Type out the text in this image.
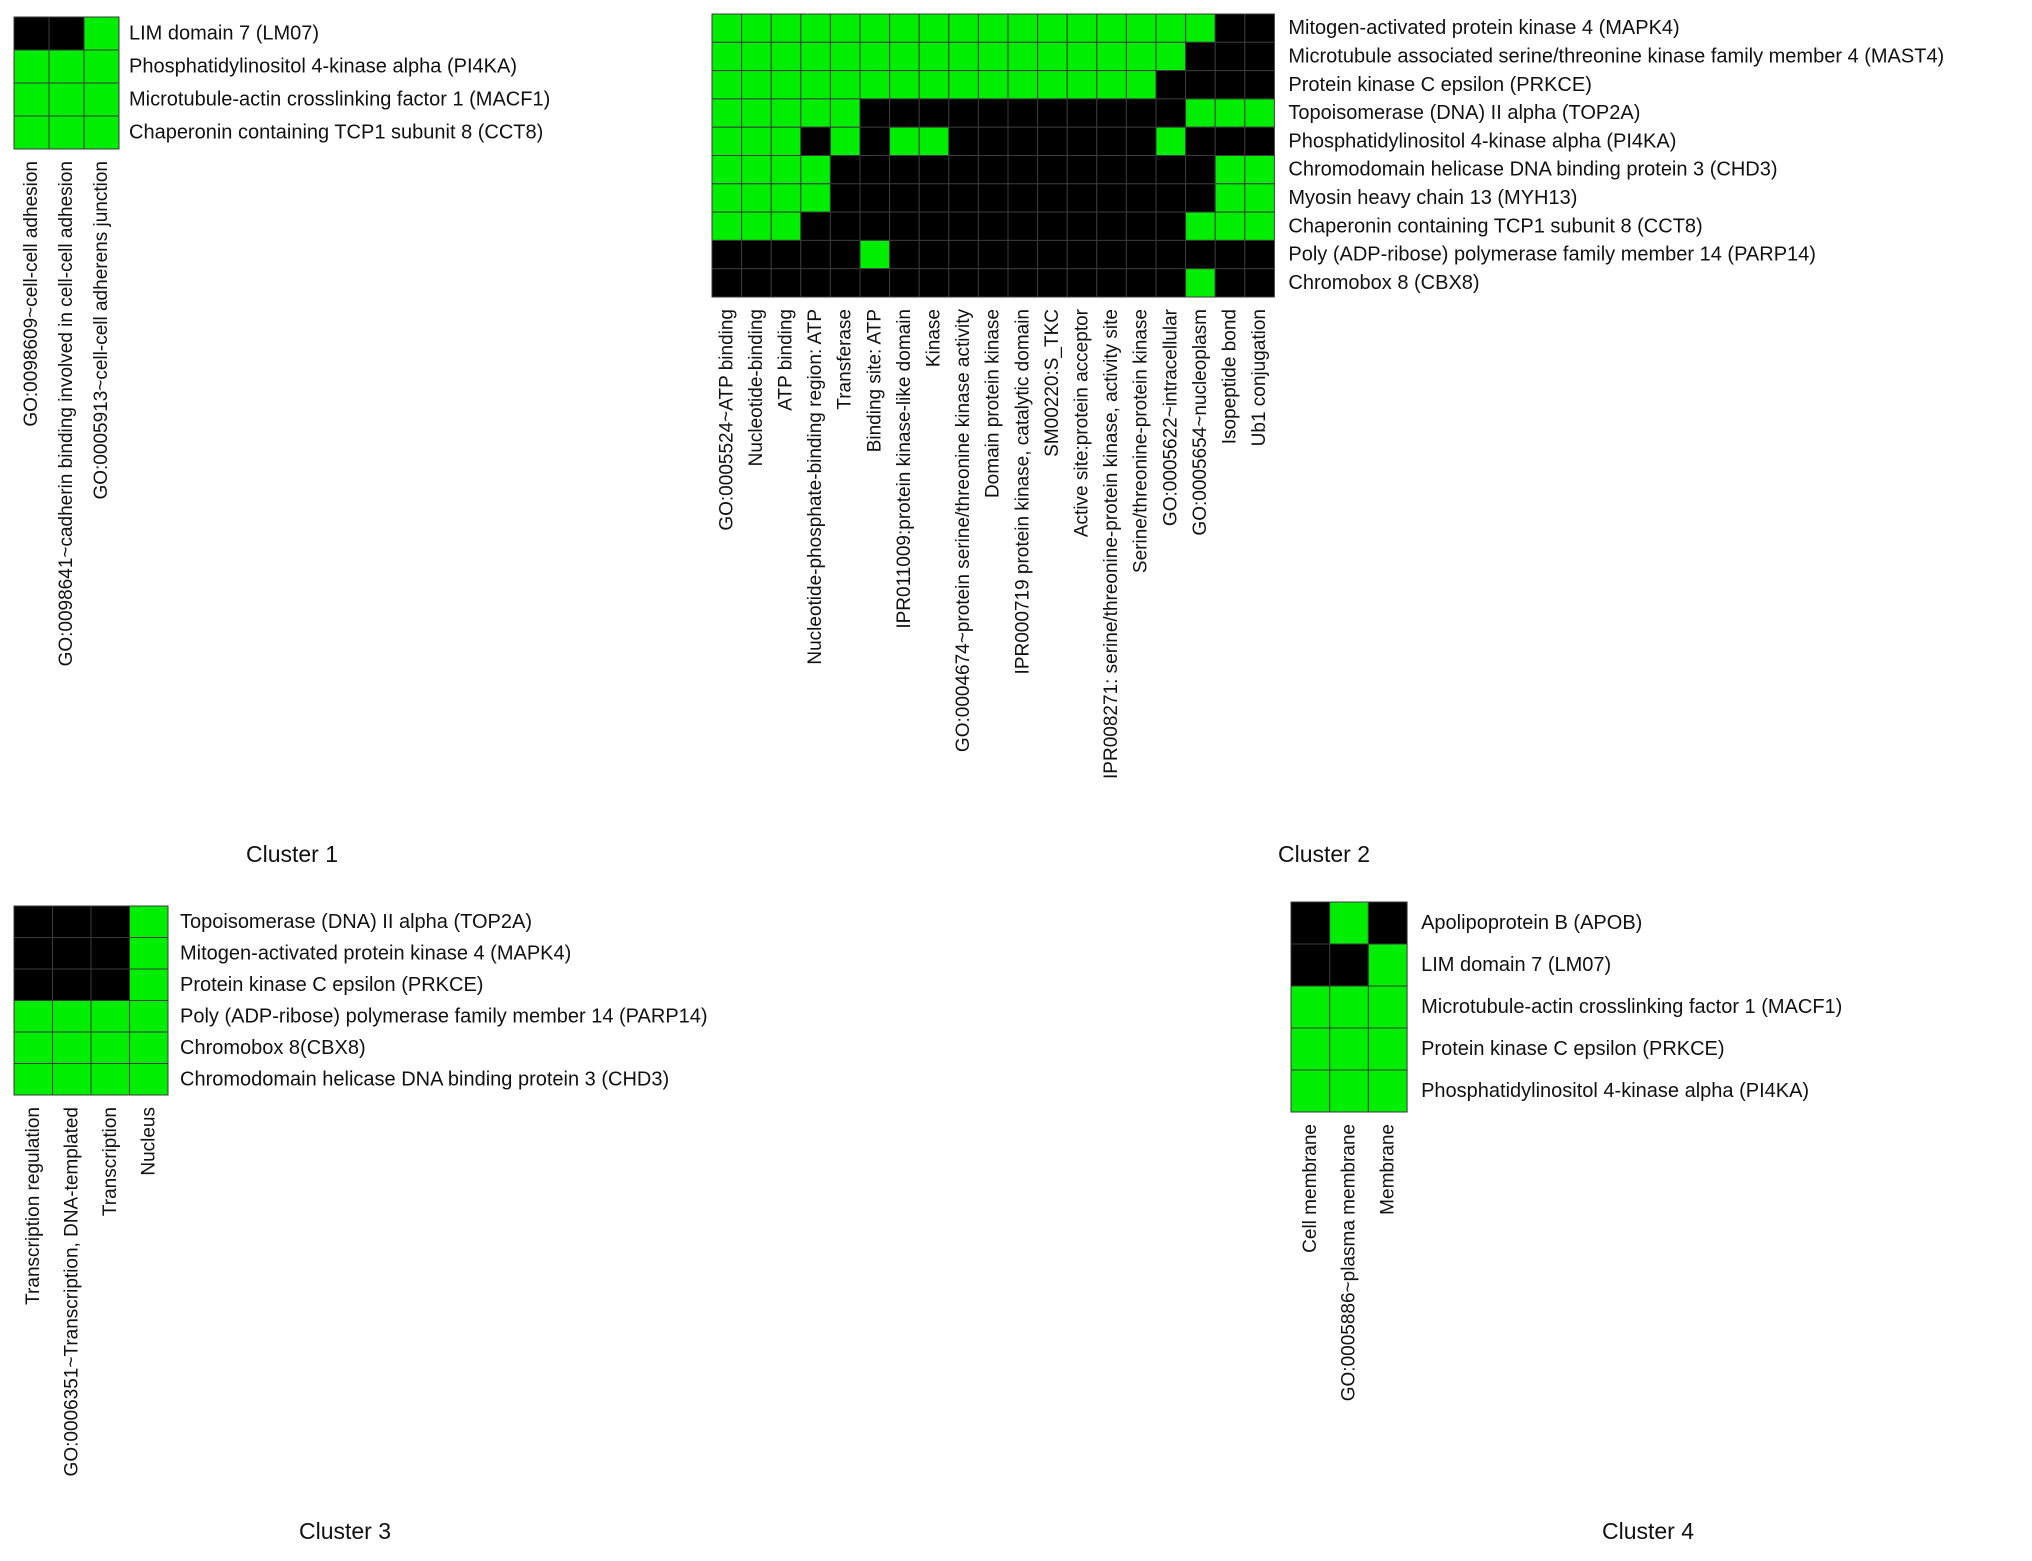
LIM domain 7 (LM07)
Phosphatidylinositol 4-kinase alpha (PI4KA)
Microtubule-actin crosslinking factor 1 (MACF1)
Chaperonin containing TCP1 subunit 8 (CCT8)
GO:0098609~cell-cell adhesion GO:0098641~cadherin binding involved in cell-cell adhesion GO:0005913~cell-cell adherens junction
Cluster 1
Mitogen-activated protein kinase 4 (MAPK4)
Microtubule associated serine/threonine kinase family member 4 (MAST4)
Protein kinase C epsilon (PRKCE)
Topoisomerase (DNA) II alpha (TOP2A)
Phosphatidylinositol 4-kinase alpha (PI4KA)
Chromodomain helicase DNA binding protein 3 (CHD3)
Myosin heavy chain 13 (MYH13)
Chaperonin containing TCP1 subunit 8 (CCT8)
Poly (ADP-ribose) polymerase family member 14 (PARP14)
Chromobox 8 (CBX8)
GO:0005524~ATP binding Nucleotide-binding ATP binding Nucleotide-phosphate-binding region: ATP Transferase Binding site: ATP IPR011009:protein kinase-like domain Kinase GO:0004674~protein serine/threonine kinase activity Domain protein kinase IPR000719 protein kinase, catalytic domain SM00220:S_TKC Active site:protein acceptor IPR008271: serine/threonine-protein kinase, activity site Serine/threonine-protein kinase GO:0005622~intracellular GO:0005654~nucleoplasm Isopeptide bond Ub1 conjugation
Cluster 2
Topoisomerase (DNA) II alpha (TOP2A)
Mitogen-activated protein kinase 4 (MAPK4)
Protein kinase C epsilon (PRKCE)
Poly (ADP-ribose) polymerase family member 14 (PARP14)
Chromobox 8(CBX8)
Chromodomain helicase DNA binding protein 3 (CHD3)
Transcription regulation GO:0006351~Transcription, DNA-templated Transcription Nucleus
Cluster 3
Apolipoprotein B (APOB)
LIM domain 7 (LM07)
Microtubule-actin crosslinking factor 1 (MACF1)
Protein kinase C epsilon (PRKCE)
Phosphatidylinositol 4-kinase alpha (PI4KA)
Cell membrane GO:0005886~plasma membrane Membrane
Cluster 4
